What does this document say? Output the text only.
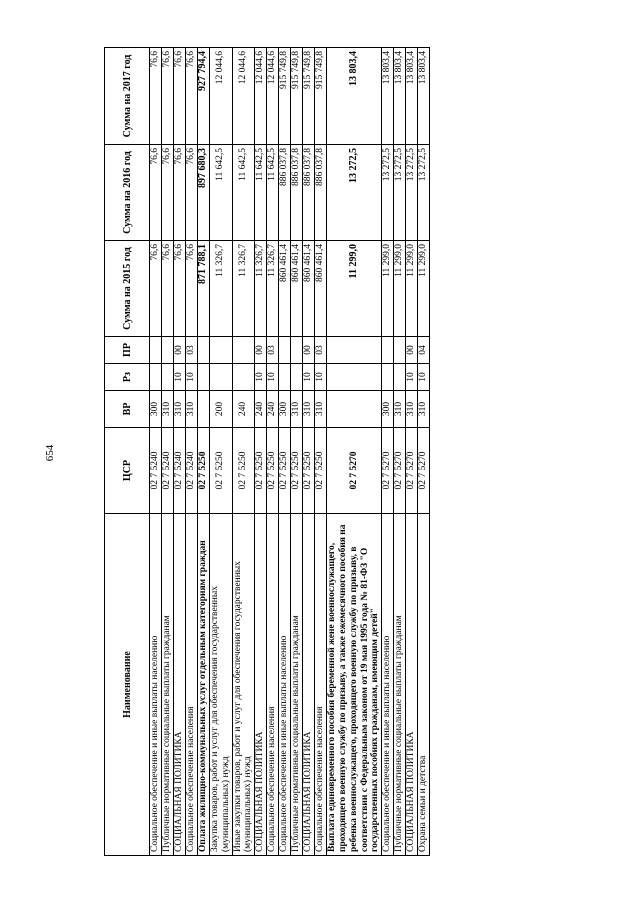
654
Наименование	ЦСР	ВР	Рз	ПР	Сумма на 2015 год	Сумма на 2016 год	Сумма на 2017 год
Социальное обеспечение и иные выплаты населению	02 7 5240	300			76,6	76,6	76,6
Публичные нормативные социальные выплаты гражданам	02 7 5240	310			76,6	76,6	76,6
СОЦИАЛЬНАЯ ПОЛИТИКА	02 7 5240	310	10	00	76,6	76,6	76,6
Социальное обеспечение населения	02 7 5240	310	10	03	76,6	76,6	76,6
Оплата жилищно-коммунальных услуг отдельным категориям граждан	02 7 5250				871 788,1	897 680,3	927 794,4
Закупка товаров, работ и услуг для обеспечения государственных (муниципальных) нужд	02 7 5250	200			11 326,7	11 642,5	12 044,6
Иные закупки товаров, работ и услуг для обеспечения государственных (муниципальных) нужд	02 7 5250	240			11 326,7	11 642,5	12 044,6
СОЦИАЛЬНАЯ ПОЛИТИКА	02 7 5250	240	10	00	11 326,7	11 642,5	12 044,6
Социальное обеспечение населения	02 7 5250	240	10	03	11 326,7	11 642,5	12 044,6
Социальное обеспечение и иные выплаты населению	02 7 5250	300			860 461,4	886 037,8	915 749,8
Публичные нормативные социальные выплаты гражданам	02 7 5250	310			860 461,4	886 037,8	915 749,8
СОЦИАЛЬНАЯ ПОЛИТИКА	02 7 5250	310	10	00	860 461,4	886 037,8	915 749,8
Социальное обеспечение населения	02 7 5250	310	10	03	860 461,4	886 037,8	915 749,8
Выплата единовременного пособия беременной жене военнослужащего, проходящего военную службу по призыву, а также ежемесячного пособия на ребенка военнослужащего, проходящего военную службу по призыву, в соответствии с Федеральным законом от 19 мая 1995 года № 81-ФЗ "О государственных пособиях гражданам, имеющим детей"	02 7 5270				11 299,0	13 272,5	13 803,4
Социальное обеспечение и иные выплаты населению	02 7 5270	300			11 299,0	13 272,5	13 803,4
Публичные нормативные социальные выплаты гражданам	02 7 5270	310			11 299,0	13 272,5	13 803,4
СОЦИАЛЬНАЯ ПОЛИТИКА	02 7 5270	310	10	00	11 299,0	13 272,5	13 803,4
Охрана семьи и детства	02 7 5270	310	10	04	11 299,0	13 272,5	13 803,4
